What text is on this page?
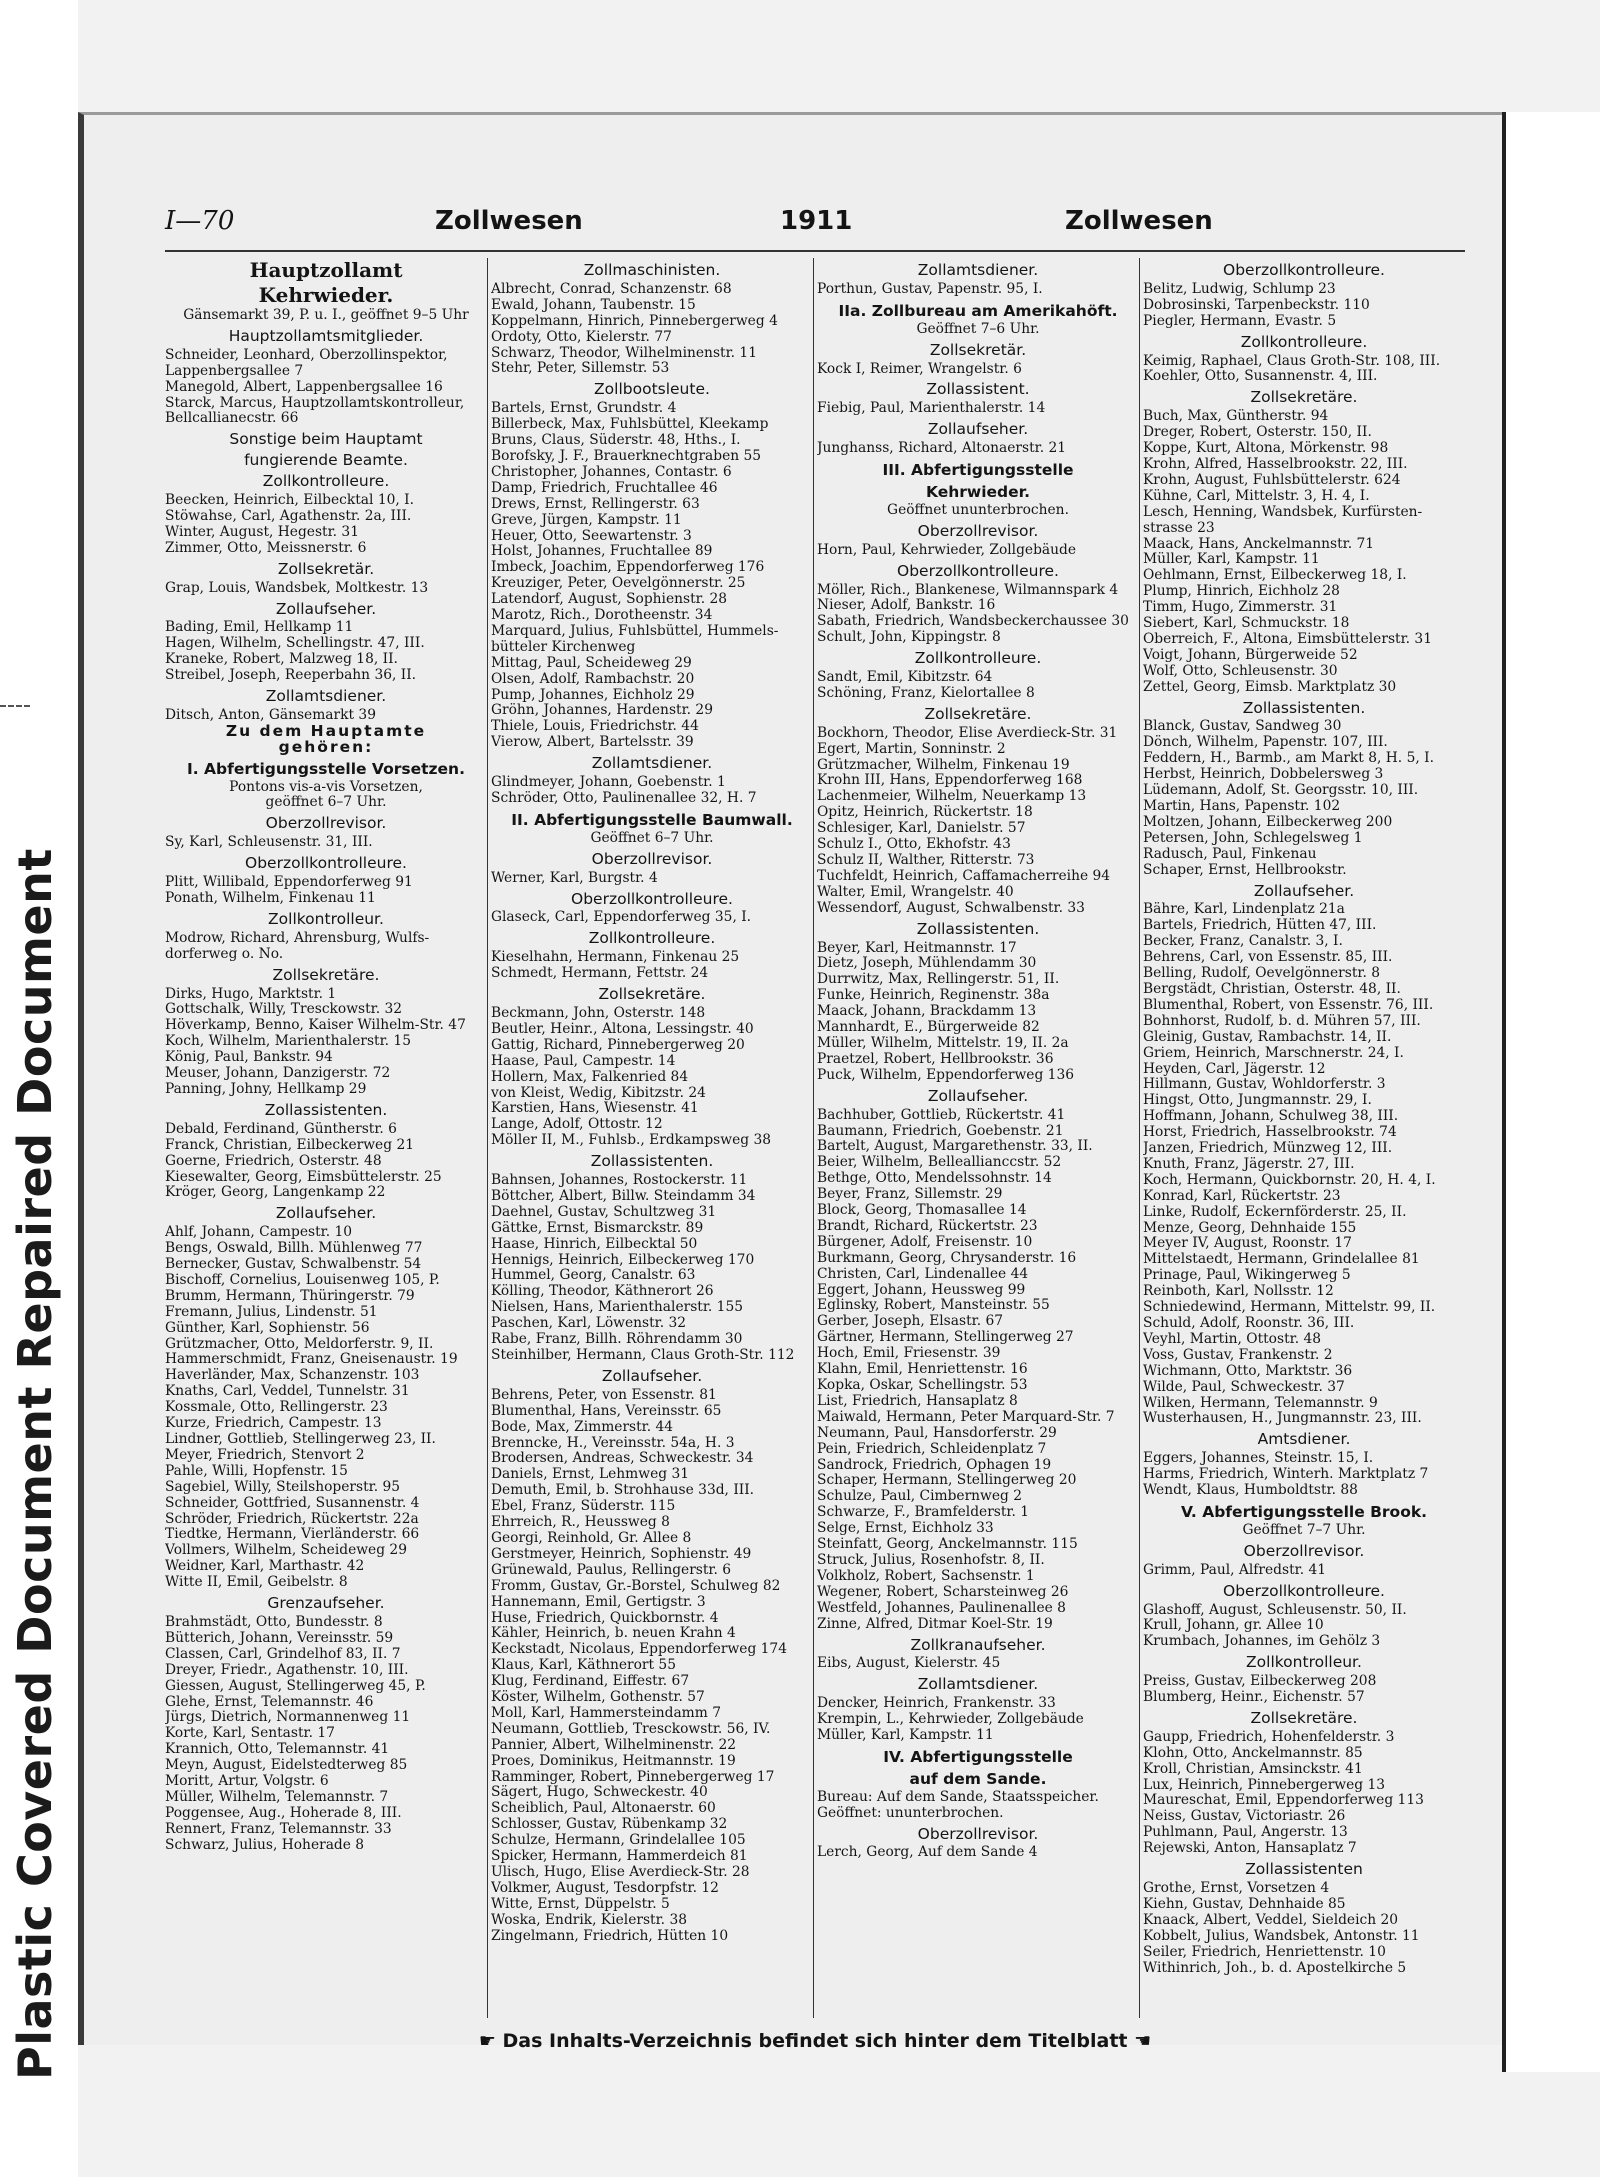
Plastic Covered Document Repaired Document
I—70	Zollwesen	1911	Zollwesen
Hauptzollamt
Kehrwieder.
Gänsemarkt 39, P. u. I., geöffnet 9–5 Uhr
Hauptzollamtsmitglieder.
Schneider, Leonhard, Oberzollinspektor,
Lappenbergsallee 7
Manegold, Albert, Lappenbergsallee 16
Starck, Marcus, Hauptzollamtskontrolleur,
Bellcallianecstr. 66
Sonstige beim Hauptamt
fungierende Beamte.
Zollkontrolleure.
Beecken, Heinrich, Eilbecktal 10, I.
Stöwahse, Carl, Agathenstr. 2a, III.
Winter, August, Hegestr. 31
Zimmer, Otto, Meissnerstr. 6
Zollsekretär.
Grap, Louis, Wandsbek, Moltkestr. 13
Zollaufseher.
Bading, Emil, Hellkamp 11
Hagen, Wilhelm, Schellingstr. 47, III.
Kraneke, Robert, Malzweg 18, II.
Streibel, Joseph, Reeperbahn 36, II.
Zollamtsdiener.
Ditsch, Anton, Gänsemarkt 39
Zu dem Hauptamte
gehören:
I. Abfertigungsstelle Vorsetzen.
Pontons vis-a-vis Vorsetzen,
geöffnet 6–7 Uhr.
Oberzollrevisor.
Sy, Karl, Schleusenstr. 31, III.
Oberzollkontrolleure.
Plitt, Willibald, Eppendorferweg 91
Ponath, Wilhelm, Finkenau 11
Zollkontrolleur.
Modrow, Richard, Ahrensburg, Wulfs-
dorferweg o. No.
Zollsekretäre.
Dirks, Hugo, Marktstr. 1
Gottschalk, Willy, Tresckowstr. 32
Höverkamp, Benno, Kaiser Wilhelm-Str. 47
Koch, Wilhelm, Marienthalerstr. 15
König, Paul, Bankstr. 94
Meuser, Johann, Danzigerstr. 72
Panning, Johny, Hellkamp 29
Zollassistenten.
Debald, Ferdinand, Güntherstr. 6
Franck, Christian, Eilbeckerweg 21
Goerne, Friedrich, Osterstr. 48
Kiesewalter, Georg, Eimsbüttelerstr. 25
Kröger, Georg, Langenkamp 22
Zollaufseher.
Ahlf, Johann, Campestr. 10
Bengs, Oswald, Billh. Mühlenweg 77
Bernecker, Gustav, Schwalbenstr. 54
Bischoff, Cornelius, Louisenweg 105, P.
Brumm, Hermann, Thüringerstr. 79
Fremann, Julius, Lindenstr. 51
Günther, Karl, Sophienstr. 56
Grützmacher, Otto, Meldorferstr. 9, II.
Hammerschmidt, Franz, Gneisenaustr. 19
Haverländer, Max, Schanzenstr. 103
Knaths, Carl, Veddel, Tunnelstr. 31
Kossmale, Otto, Rellingerstr. 23
Kurze, Friedrich, Campestr. 13
Lindner, Gottlieb, Stellingerweg 23, II.
Meyer, Friedrich, Stenvort 2
Pahle, Willi, Hopfenstr. 15
Sagebiel, Willy, Steilshoperstr. 95
Schneider, Gottfried, Susannenstr. 4
Schröder, Friedrich, Rückertstr. 22a
Tiedtke, Hermann, Vierländerstr. 66
Vollmers, Wilhelm, Scheideweg 29
Weidner, Karl, Marthastr. 42
Witte II, Emil, Geibelstr. 8
Grenzaufseher.
Brahmstädt, Otto, Bundesstr. 8
Bütterich, Johann, Vereinsstr. 59
Classen, Carl, Grindelhof 83, II. 7
Dreyer, Friedr., Agathenstr. 10, III.
Giessen, August, Stellingerweg 45, P.
Glehe, Ernst, Telemannstr. 46
Jürgs, Dietrich, Normannenweg 11
Korte, Karl, Sentastr. 17
Krannich, Otto, Telemannstr. 41
Meyn, August, Eidelstedterweg 85
Moritt, Artur, Volgstr. 6
Müller, Wilhelm, Telemannstr. 7
Poggensee, Aug., Hoherade 8, III.
Rennert, Franz, Telemannstr. 33
Schwarz, Julius, Hoherade 8
Zollmaschinisten.
Albrecht, Conrad, Schanzenstr. 68
Ewald, Johann, Taubenstr. 15
Koppelmann, Hinrich, Pinnebergerweg 4
Ordoty, Otto, Kielerstr. 77
Schwarz, Theodor, Wilhelminenstr. 11
Stehr, Peter, Sillemstr. 53
Zollbootsleute.
Bartels, Ernst, Grundstr. 4
Billerbeck, Max, Fuhlsbüttel, Kleekamp
Bruns, Claus, Süderstr. 48, Hths., I.
Borofsky, J. F., Brauerknechtgraben 55
Christopher, Johannes, Contastr. 6
Damp, Friedrich, Fruchtallee 46
Drews, Ernst, Rellingerstr. 63
Greve, Jürgen, Kampstr. 11
Heuer, Otto, Seewartenstr. 3
Holst, Johannes, Fruchtallee 89
Imbeck, Joachim, Eppendorferweg 176
Kreuziger, Peter, Oevelgönnerstr. 25
Latendorf, August, Sophienstr. 28
Marotz, Rich., Dorotheenstr. 34
Marquard, Julius, Fuhlsbüttel, Hummels-
bütteler Kirchenweg
Mittag, Paul, Scheideweg 29
Olsen, Adolf, Rambachstr. 20
Pump, Johannes, Eichholz 29
Gröhn, Johannes, Hardenstr. 29
Thiele, Louis, Friedrichstr. 44
Vierow, Albert, Bartelsstr. 39
Zollamtsdiener.
Glindmeyer, Johann, Goebenstr. 1
Schröder, Otto, Paulinenallee 32, H. 7
II. Abfertigungsstelle Baumwall.
Geöffnet 6–7 Uhr.
Oberzollrevisor.
Werner, Karl, Burgstr. 4
Oberzollkontrolleure.
Glaseck, Carl, Eppendorferweg 35, I.
Zollkontrolleure.
Kieselhahn, Hermann, Finkenau 25
Schmedt, Hermann, Fettstr. 24
Zollsekretäre.
Beckmann, John, Osterstr. 148
Beutler, Heinr., Altona, Lessingstr. 40
Gattig, Richard, Pinnebergerweg 20
Haase, Paul, Campestr. 14
Hollern, Max, Falkenried 84
von Kleist, Wedig, Kibitzstr. 24
Karstien, Hans, Wiesenstr. 41
Lange, Adolf, Ottostr. 12
Möller II, M., Fuhlsb., Erdkampsweg 38
Zollassistenten.
Bahnsen, Johannes, Rostockerstr. 11
Böttcher, Albert, Billw. Steindamm 34
Daehnel, Gustav, Schultzweg 31
Gättke, Ernst, Bismarckstr. 89
Haase, Hinrich, Eilbecktal 50
Hennigs, Heinrich, Eilbeckerweg 170
Hummel, Georg, Canalstr. 63
Kölling, Theodor, Käthnerort 26
Nielsen, Hans, Marienthalerstr. 155
Paschen, Karl, Löwenstr. 32
Rabe, Franz, Billh. Röhrendamm 30
Steinhilber, Hermann, Claus Groth-Str. 112
Zollaufseher.
Behrens, Peter, von Essenstr. 81
Blumenthal, Hans, Vereinsstr. 65
Bode, Max, Zimmerstr. 44
Brenncke, H., Vereinsstr. 54a, H. 3
Brodersen, Andreas, Schweckestr. 34
Daniels, Ernst, Lehmweg 31
Demuth, Emil, b. Strohhause 33d, III.
Ebel, Franz, Süderstr. 115
Ehrreich, R., Heussweg 8
Georgi, Reinhold, Gr. Allee 8
Gerstmeyer, Heinrich, Sophienstr. 49
Grünewald, Paulus, Rellingerstr. 6
Fromm, Gustav, Gr.-Borstel, Schulweg 82
Hannemann, Emil, Gertigstr. 3
Huse, Friedrich, Quickbornstr. 4
Kähler, Heinrich, b. neuen Krahn 4
Keckstadt, Nicolaus, Eppendorferweg 174
Klaus, Karl, Käthnerort 55
Klug, Ferdinand, Eiffestr. 67
Köster, Wilhelm, Gothenstr. 57
Moll, Karl, Hammersteindamm 7
Neumann, Gottlieb, Tresckowstr. 56, IV.
Pannier, Albert, Wilhelminenstr. 22
Proes, Dominikus, Heitmannstr. 19
Ramminger, Robert, Pinnebergerweg 17
Sägert, Hugo, Schweckestr. 40
Scheiblich, Paul, Altonaerstr. 60
Schlosser, Gustav, Rübenkamp 32
Schulze, Hermann, Grindelallee 105
Spicker, Hermann, Hammerdeich 81
Ulisch, Hugo, Elise Averdieck-Str. 28
Volkmer, August, Tesdorpfstr. 12
Witte, Ernst, Düppelstr. 5
Woska, Endrik, Kielerstr. 38
Zingelmann, Friedrich, Hütten 10
Zollamtsdiener.
Porthun, Gustav, Papenstr. 95, I.
IIa. Zollbureau am Amerikahöft.
Geöffnet 7–6 Uhr.
Zollsekretär.
Kock I, Reimer, Wrangelstr. 6
Zollassistent.
Fiebig, Paul, Marienthalerstr. 14
Zollaufseher.
Junghanss, Richard, Altonaerstr. 21
III. Abfertigungsstelle
Kehrwieder.
Geöffnet ununterbrochen.
Oberzollrevisor.
Horn, Paul, Kehrwieder, Zollgebäude
Oberzollkontrolleure.
Möller, Rich., Blankenese, Wilmannspark 4
Nieser, Adolf, Bankstr. 16
Sabath, Friedrich, Wandsbeckerchaussee 30
Schult, John, Kippingstr. 8
Zollkontrolleure.
Sandt, Emil, Kibitzstr. 64
Schöning, Franz, Kielortallee 8
Zollsekretäre.
Bockhorn, Theodor, Elise Averdieck-Str. 31
Egert, Martin, Sonninstr. 2
Grützmacher, Wilhelm, Finkenau 19
Krohn III, Hans, Eppendorferweg 168
Lachenmeier, Wilhelm, Neuerkamp 13
Opitz, Heinrich, Rückertstr. 18
Schlesiger, Karl, Danielstr. 57
Schulz I., Otto, Ekhofstr. 43
Schulz II, Walther, Ritterstr. 73
Tuchfeldt, Heinrich, Caffamacherreihe 94
Walter, Emil, Wrangelstr. 40
Wessendorf, August, Schwalbenstr. 33
Zollassistenten.
Beyer, Karl, Heitmannstr. 17
Dietz, Joseph, Mühlendamm 30
Durrwitz, Max, Rellingerstr. 51, II.
Funke, Heinrich, Reginenstr. 38a
Maack, Johann, Brackdamm 13
Mannhardt, E., Bürgerweide 82
Müller, Wilhelm, Mittelstr. 19, II. 2a
Praetzel, Robert, Hellbrookstr. 36
Puck, Wilhelm, Eppendorferweg 136
Zollaufseher.
Bachhuber, Gottlieb, Rückertstr. 41
Baumann, Friedrich, Goebenstr. 21
Bartelt, August, Margarethenstr. 33, II.
Beier, Wilhelm, Belleallianccstr. 52
Bethge, Otto, Mendelssohnstr. 14
Beyer, Franz, Sillemstr. 29
Block, Georg, Thomasallee 14
Brandt, Richard, Rückertstr. 23
Bürgener, Adolf, Freisenstr. 10
Burkmann, Georg, Chrysanderstr. 16
Christen, Carl, Lindenallee 44
Eggert, Johann, Heussweg 99
Eglinsky, Robert, Mansteinstr. 55
Gerber, Joseph, Elsastr. 67
Gärtner, Hermann, Stellingerweg 27
Hoch, Emil, Friesenstr. 39
Klahn, Emil, Henriettenstr. 16
Kopka, Oskar, Schellingstr. 53
List, Friedrich, Hansaplatz 8
Maiwald, Hermann, Peter Marquard-Str. 7
Neumann, Paul, Hansdorferstr. 29
Pein, Friedrich, Schleidenplatz 7
Sandrock, Friedrich, Ophagen 19
Schaper, Hermann, Stellingerweg 20
Schulze, Paul, Cimbernweg 2
Schwarze, F., Bramfelderstr. 1
Selge, Ernst, Eichholz 33
Steinfatt, Georg, Anckelmannstr. 115
Struck, Julius, Rosenhofstr. 8, II.
Volkholz, Robert, Sachsenstr. 1
Wegener, Robert, Scharsteinweg 26
Westfeld, Johannes, Paulinenallee 8
Zinne, Alfred, Ditmar Koel-Str. 19
Zollkranaufseher.
Eibs, August, Kielerstr. 45
Zollamtsdiener.
Dencker, Heinrich, Frankenstr. 33
Krempin, L., Kehrwieder, Zollgebäude
Müller, Karl, Kampstr. 11
IV. Abfertigungsstelle
auf dem Sande.
Bureau: Auf dem Sande, Staatsspeicher.
Geöffnet: ununterbrochen.
Oberzollrevisor.
Lerch, Georg, Auf dem Sande 4
Oberzollkontrolleure.
Belitz, Ludwig, Schlump 23
Dobrosinski, Tarpenbeckstr. 110
Piegler, Hermann, Evastr. 5
Zollkontrolleure.
Keimig, Raphael, Claus Groth-Str. 108, III.
Koehler, Otto, Susannenstr. 4, III.
Zollsekretäre.
Buch, Max, Güntherstr. 94
Dreger, Robert, Osterstr. 150, II.
Koppe, Kurt, Altona, Mörkenstr. 98
Krohn, Alfred, Hasselbrookstr. 22, III.
Krohn, August, Fuhlsbüttelerstr. 624
Kühne, Carl, Mittelstr. 3, H. 4, I.
Lesch, Henning, Wandsbek, Kurfürsten-
strasse 23
Maack, Hans, Anckelmannstr. 71
Müller, Karl, Kampstr. 11
Oehlmann, Ernst, Eilbeckerweg 18, I.
Plump, Hinrich, Eichholz 28
Timm, Hugo, Zimmerstr. 31
Siebert, Karl, Schmuckstr. 18
Oberreich, F., Altona, Eimsbüttelerstr. 31
Voigt, Johann, Bürgerweide 52
Wolf, Otto, Schleusenstr. 30
Zettel, Georg, Eimsb. Marktplatz 30
Zollassistenten.
Blanck, Gustav, Sandweg 30
Dönch, Wilhelm, Papenstr. 107, III.
Feddern, H., Barmb., am Markt 8, H. 5, I.
Herbst, Heinrich, Dobbelersweg 3
Lüdemann, Adolf, St. Georgsstr. 10, III.
Martin, Hans, Papenstr. 102
Moltzen, Johann, Eilbeckerweg 200
Petersen, John, Schlegelsweg 1
Radusch, Paul, Finkenau
Schaper, Ernst, Hellbrookstr.
Zollaufseher.
Bähre, Karl, Lindenplatz 21a
Bartels, Friedrich, Hütten 47, III.
Becker, Franz, Canalstr. 3, I.
Behrens, Carl, von Essenstr. 85, III.
Belling, Rudolf, Oevelgönnerstr. 8
Bergstädt, Christian, Osterstr. 48, II.
Blumenthal, Robert, von Essenstr. 76, III.
Bohnhorst, Rudolf, b. d. Mühren 57, III.
Gleinig, Gustav, Rambachstr. 14, II.
Griem, Heinrich, Marschnerstr. 24, I.
Heyden, Carl, Jägerstr. 12
Hillmann, Gustav, Wohldorferstr. 3
Hingst, Otto, Jungmannstr. 29, I.
Hoffmann, Johann, Schulweg 38, III.
Horst, Friedrich, Hasselbrookstr. 74
Janzen, Friedrich, Münzweg 12, III.
Knuth, Franz, Jägerstr. 27, III.
Koch, Hermann, Quickbornstr. 20, H. 4, I.
Konrad, Karl, Rückertstr. 23
Linke, Rudolf, Eckernförderstr. 25, II.
Menze, Georg, Dehnhaide 155
Meyer IV, August, Roonstr. 17
Mittelstaedt, Hermann, Grindelallee 81
Prinage, Paul, Wikingerweg 5
Reinboth, Karl, Nollsstr. 12
Schniedewind, Hermann, Mittelstr. 99, II.
Schuld, Adolf, Roonstr. 36, III.
Veyhl, Martin, Ottostr. 48
Voss, Gustav, Frankenstr. 2
Wichmann, Otto, Marktstr. 36
Wilde, Paul, Schweckestr. 37
Wilken, Hermann, Telemannstr. 9
Wusterhausen, H., Jungmannstr. 23, III.
Amtsdiener.
Eggers, Johannes, Steinstr. 15, I.
Harms, Friedrich, Winterh. Marktplatz 7
Wendt, Klaus, Humboldtstr. 88
V. Abfertigungsstelle Brook.
Geöffnet 7–7 Uhr.
Oberzollrevisor.
Grimm, Paul, Alfredstr. 41
Oberzollkontrolleure.
Glashoff, August, Schleusenstr. 50, II.
Krull, Johann, gr. Allee 10
Krumbach, Johannes, im Gehölz 3
Zollkontrolleur.
Preiss, Gustav, Eilbeckerweg 208
Blumberg, Heinr., Eichenstr. 57
Zollsekretäre.
Gaupp, Friedrich, Hohenfelderstr. 3
Klohn, Otto, Anckelmannstr. 85
Kroll, Christian, Amsinckstr. 41
Lux, Heinrich, Pinnebergerweg 13
Maureschat, Emil, Eppendorferweg 113
Neiss, Gustav, Victoriastr. 26
Puhlmann, Paul, Angerstr. 13
Rejewski, Anton, Hansaplatz 7
Zollassistenten
Grothe, Ernst, Vorsetzen 4
Kiehn, Gustav, Dehnhaide 85
Knaack, Albert, Veddel, Sieldeich 20
Kobbelt, Julius, Wandsbek, Antonstr. 11
Seiler, Friedrich, Henriettenstr. 10
Withinrich, Joh., b. d. Apostelkirche 5
☛ Das Inhalts-Verzeichnis befindet sich hinter dem Titelblatt ☚
